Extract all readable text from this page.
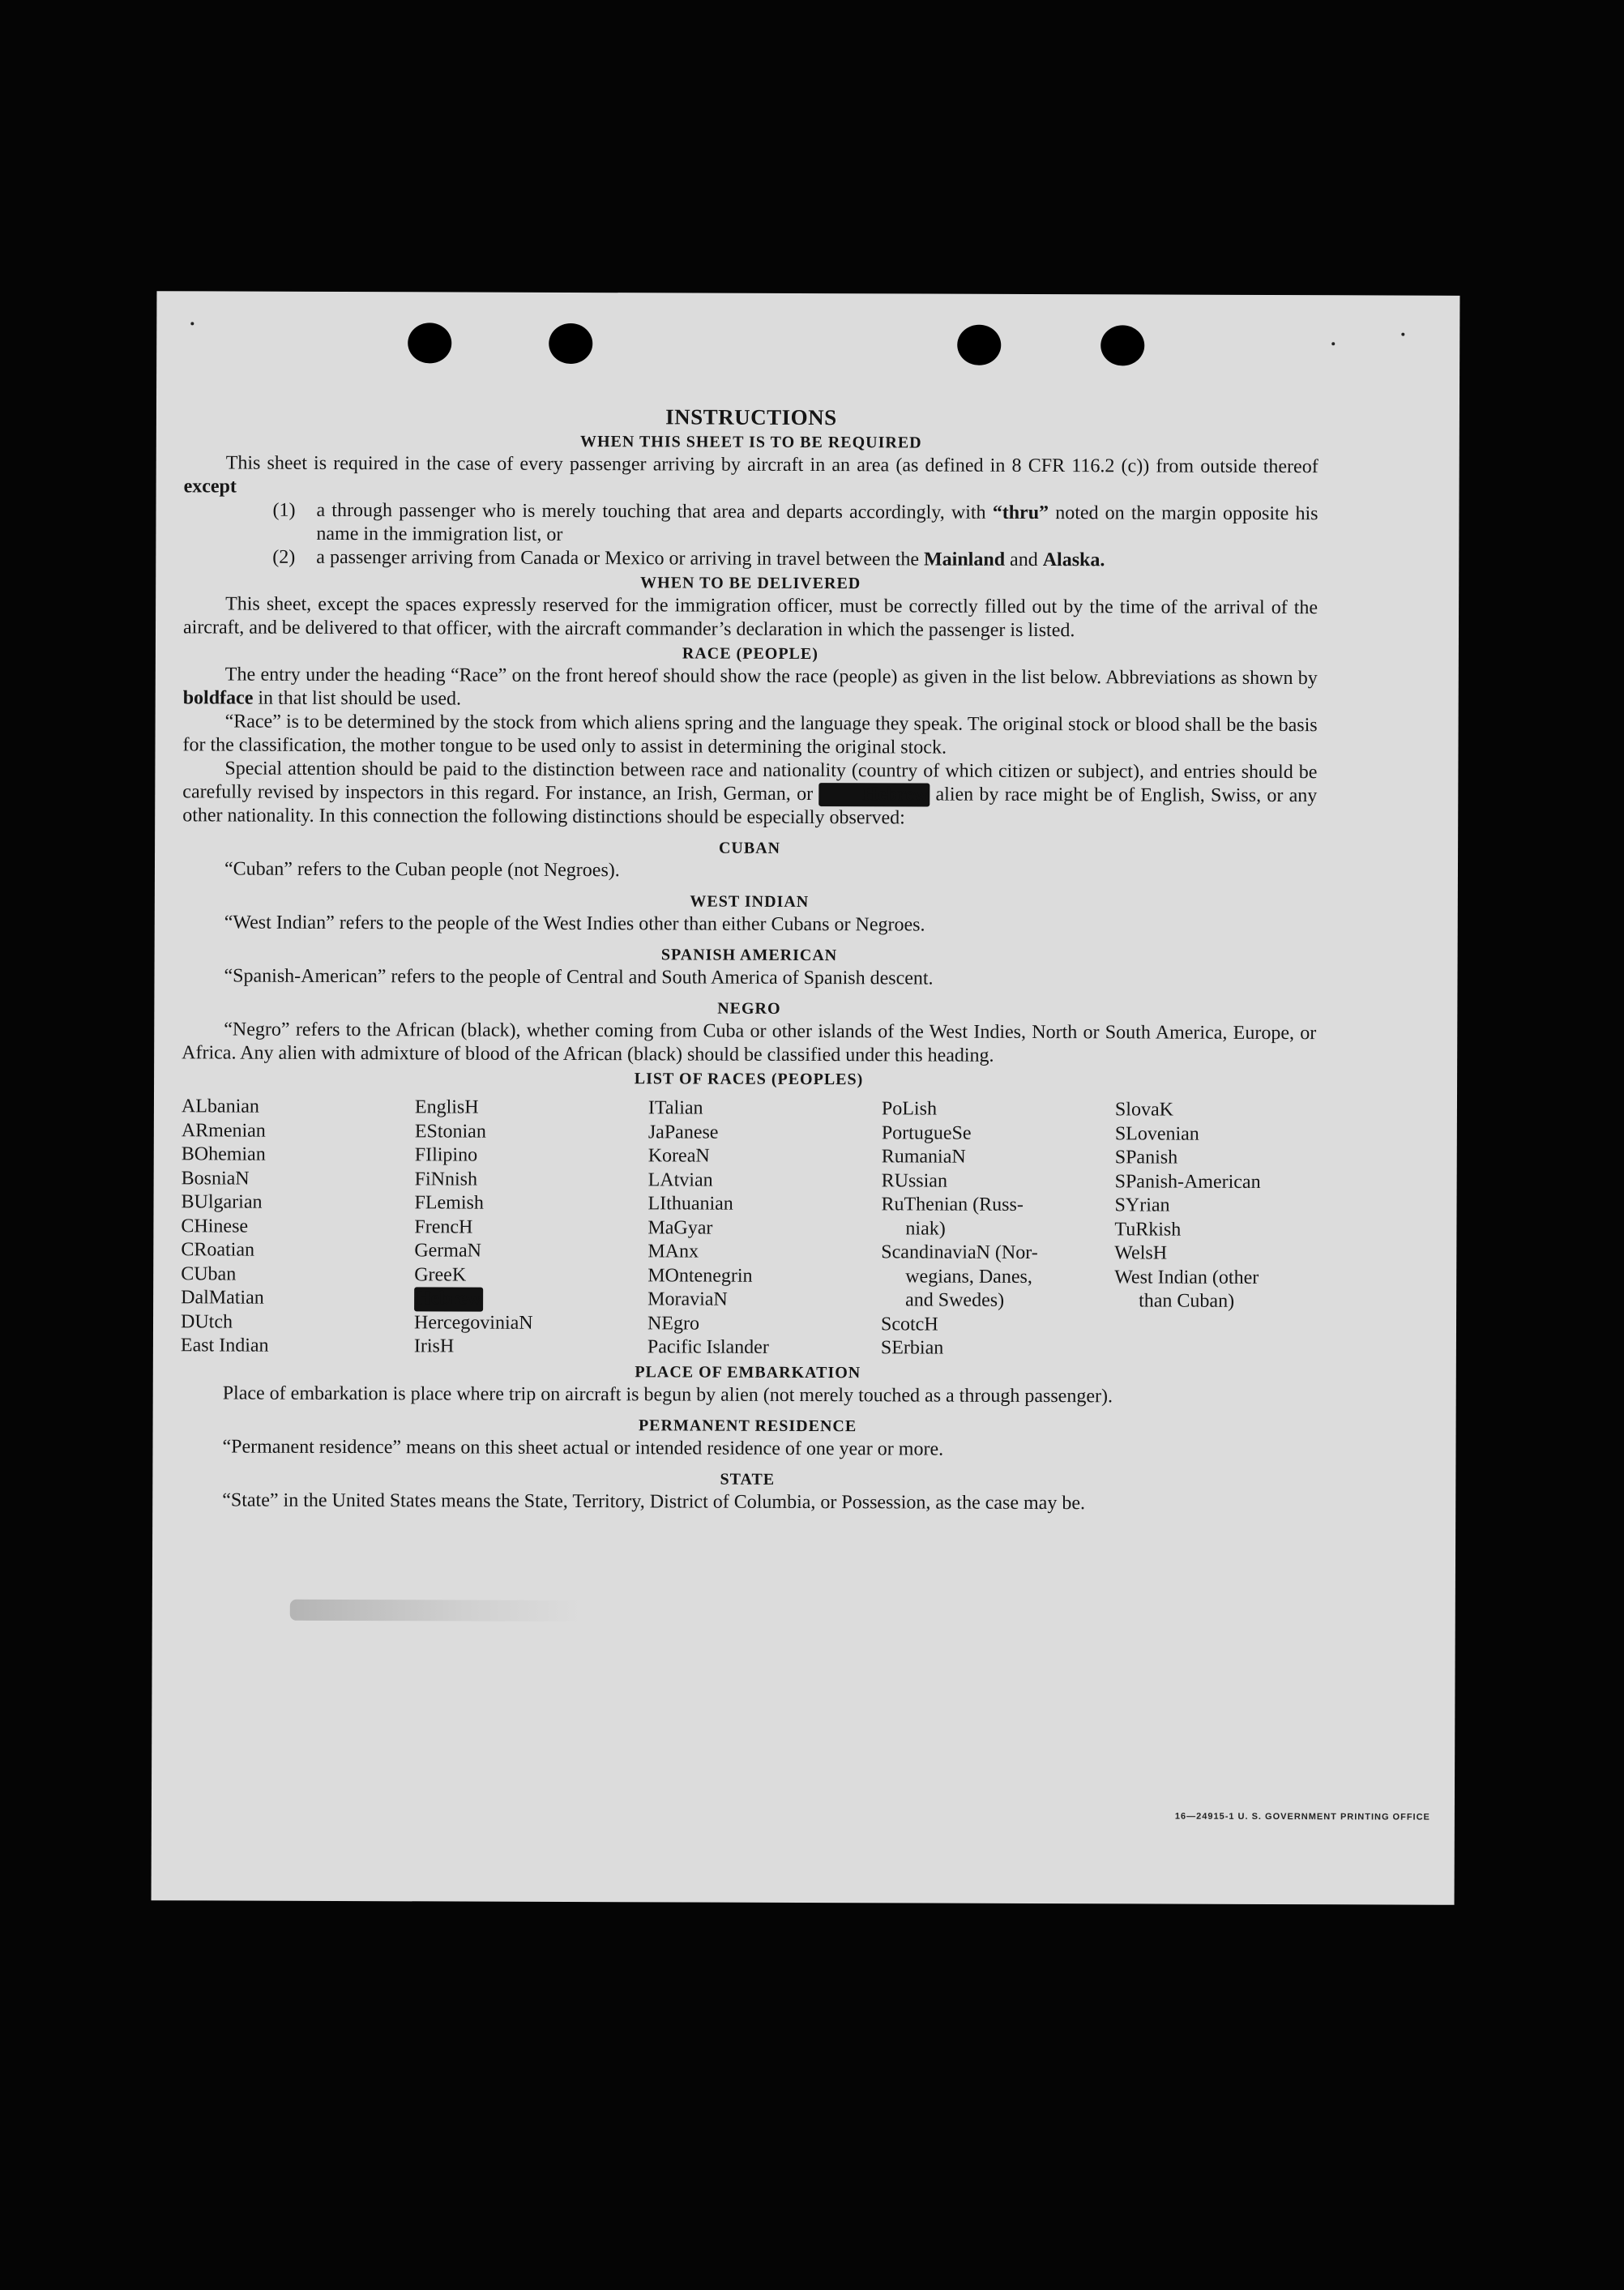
INSTRUCTIONS
WHEN THIS SHEET IS TO BE REQUIRED

This sheet is required in the case of every passenger arriving by aircraft in an area (as defined in 8 CFR 116.2 (c)) from outside thereof except

(1)	a through passenger who is merely touching that area and departs accordingly, with “thru” noted on the margin opposite his name in the immigration list, or
(2)	a passenger arriving from Canada or Mexico or arriving in travel between the Mainland and Alaska.
WHEN TO BE DELIVERED

This sheet, except the spaces expressly reserved for the immigration officer, must be correctly filled out by the time of the arrival of the aircraft, and be delivered to that officer, with the aircraft commander’s declaration in which the passenger is listed.

RACE (PEOPLE)

The entry under the heading “Race” on the front hereof should show the race (people) as given in the list below. Abbreviations as shown by boldface in that list should be used.

“Race” is to be determined by the stock from which aliens spring and the language they speak. The original stock or blood shall be the basis for the classification, the mother tongue to be used only to assist in determining the original stock.

Special attention should be paid to the distinction between race and nationality (country of which citizen or subject), and entries should be carefully revised by inspectors in this regard. For instance, an Irish, German, or Hebrew alien by race might be of English, Swiss, or any other nationality. In this connection the following distinctions should be especially observed:

CUBAN

“Cuban” refers to the Cuban people (not Negroes).

WEST INDIAN

“West Indian” refers to the people of the West Indies other than either Cubans or Negroes.

SPANISH AMERICAN

“Spanish-American” refers to the people of Central and South America of Spanish descent.

NEGRO

“Negro” refers to the African (black), whether coming from Cuba or other islands of the West Indies, North or South America, Europe, or Africa. Any alien with admixture of blood of the African (black) should be classified under this heading.

LIST OF RACES (PEOPLES)
ALbanian
ARmenian
BOhemian
BosniaN
BUlgarian
CHinese
CRoatian
CUban
DalMatian
DUtch
East Indian
EnglisH
EStonian
FIlipino
FiNnish
FLemish
FrencH
GermaN
GreeK
Hebrew
HercegoviniaN
IrisH
ITalian
JaPanese
KoreaN
LAtvian
LIthuanian
MaGyar
MAnx
MOntenegrin
MoraviaN
NEgro
Pacific Islander
PoLish
PortugueSe
RumaniaN
RUssian
RuThenian (Russ-
niak)
ScandinaviaN (Nor-
wegians, Danes,
and Swedes)
ScotcH
SErbian
SlovaK
SLovenian
SPanish
SPanish-American
SYrian
TuRkish
WelsH
West Indian (other
than Cuban)
PLACE OF EMBARKATION

Place of embarkation is place where trip on aircraft is begun by alien (not merely touched as a through passenger).

PERMANENT RESIDENCE

“Permanent residence” means on this sheet actual or intended residence of one year or more.

STATE

“State” in the United States means the State, Territory, District of Columbia, or Possession, as the case may be.

16—24915-1 U. S. GOVERNMENT PRINTING OFFICE
